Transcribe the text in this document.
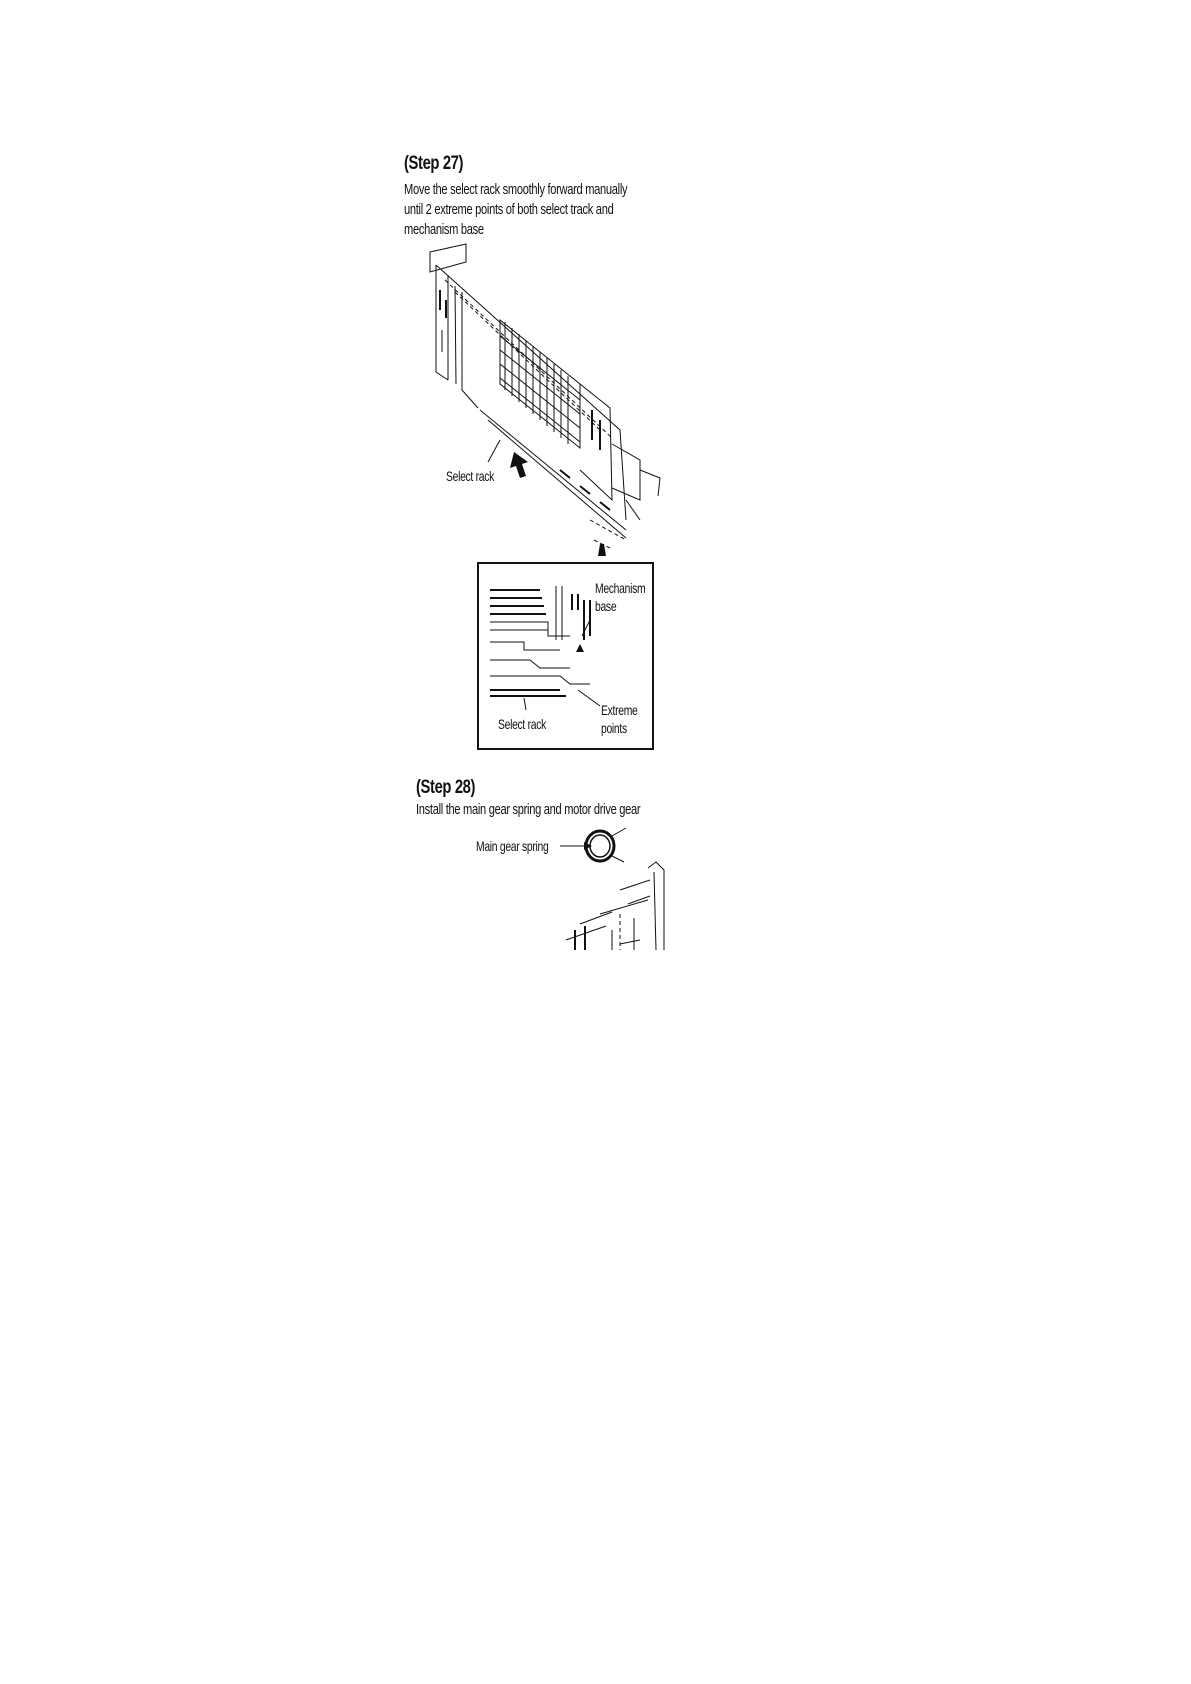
(Step 27)
Move the select rack smoothly forward manually
until 2 extreme points of both select track and
mechanism base
Select rack
Mechanism
base
Select rack
Extreme
points
(Step 28)
Install the main gear spring and motor drive gear
Main gear spring
